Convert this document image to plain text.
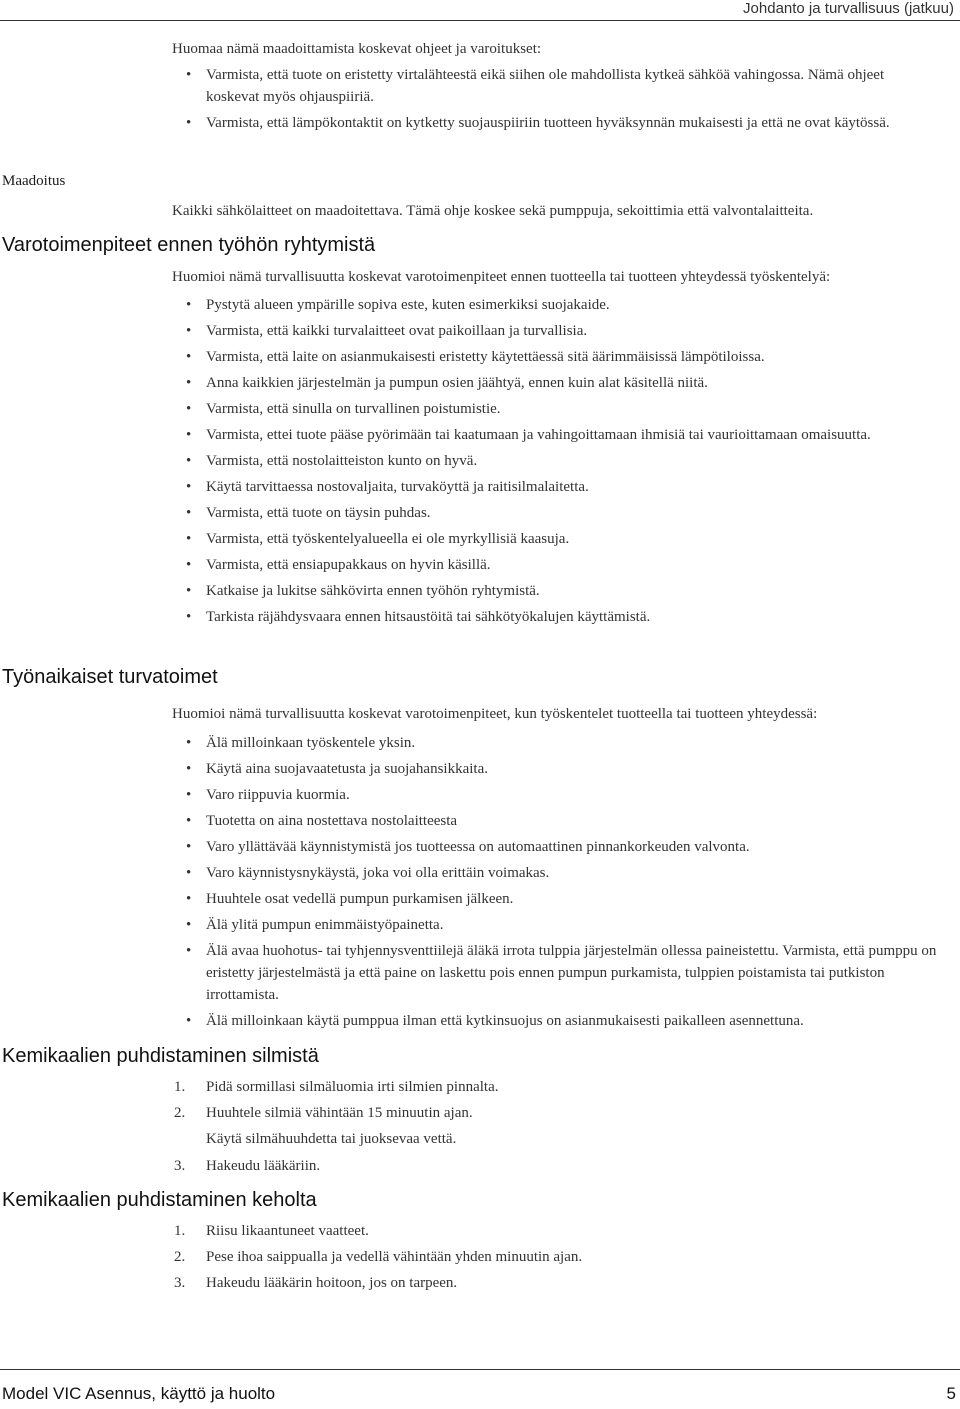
Johdanto ja turvallisuus (jatkuu)
Huomaa nämä maadoittamista koskevat ohjeet ja varoitukset:
• Varmista, että tuote on eristetty virtalähteestä eikä siihen ole mahdollista kytkeä sähköä vahingossa. Nämä ohjeet koskevat myös ohjauspiiriä.
• Varmista, että lämpökontaktit on kytketty suojauspiiriin tuotteen hyväksynnän mukaisesti ja että ne ovat käytössä.
Maadoitus
Kaikki sähkölaitteet on maadoitettava. Tämä ohje koskee sekä pumppuja, sekoittimia että valvontalaitteita.
Varotoimenpiteet ennen työhön ryhtymistä
Huomioi nämä turvallisuutta koskevat varotoimenpiteet ennen tuotteella tai tuotteen yhteydessä työskentelyä:
• Pystytä alueen ympärille sopiva este, kuten esimerkiksi suojakaide.
• Varmista, että kaikki turvalaitteet ovat paikoillaan ja turvallisia.
• Varmista, että laite on asianmukaisesti eristetty käytettäessä sitä äärimmäisissä lämpötiloissa.
• Anna kaikkien järjestelmän ja pumpun osien jäähtyä, ennen kuin alat käsitellä niitä.
• Varmista, että sinulla on turvallinen poistumistie.
• Varmista, ettei tuote pääse pyörimään tai kaatumaan ja vahingoittamaan ihmisiä tai vaurioittamaan omaisuutta.
• Varmista, että nostolaitteiston kunto on hyvä.
• Käytä tarvittaessa nostovaljaita, turvaköyttä ja raitisilmalaitetta.
• Varmista, että tuote on täysin puhdas.
• Varmista, että työskentelyalueella ei ole myrkyllisiä kaasuja.
• Varmista, että ensiapupakkaus on hyvin käsillä.
• Katkaise ja lukitse sähkövirta ennen työhön ryhtymistä.
• Tarkista räjähdysvaara ennen hitsaustöitä tai sähkötyökalujen käyttämistä.
Työnaikaiset turvatoimet
Huomioi nämä turvallisuutta koskevat varotoimenpiteet, kun työskentelet tuotteella tai tuotteen yhteydessä:
• Älä milloinkaan työskentele yksin.
• Käytä aina suojavaatetusta ja suojahansikkaita.
• Varo riippuvia kuormia.
• Tuotetta on aina nostettava nostolaitteesta
• Varo yllättävää käynnistymistä jos tuotteessa on automaattinen pinnankorkeuden valvonta.
• Varo käynnistysnykäystä, joka voi olla erittäin voimakas.
• Huuhtele osat vedellä pumpun purkamisen jälkeen.
• Älä ylitä pumpun enimmäistyöpainetta.
• Älä avaa huohotus- tai tyhjennysventtiilejä äläkä irrota tulppia järjestelmän ollessa paineistettu. Varmista, että pumppu on eristetty järjestelmästä ja että paine on laskettu pois ennen pumpun purkamista, tulppien poistamista tai putkiston irrottamista.
• Älä milloinkaan käytä pumppua ilman että kytkinsuojus on asianmukaisesti paikalleen asennettuna.
Kemikaalien puhdistaminen silmistä
1. Pidä sormillasi silmäluomia irti silmien pinnalta.
2. Huuhtele silmiä vähintään 15 minuutin ajan.
Käytä silmähuuhdetta tai juoksevaa vettä.
3. Hakeudu lääkäriin.
Kemikaalien puhdistaminen keholta
1. Riisu likaantuneet vaatteet.
2. Pese ihoa saippualla ja vedellä vähintään yhden minuutin ajan.
3. Hakeudu lääkärin hoitoon, jos on tarpeen.
Model VIC Asennus, käyttö ja huolto	5
